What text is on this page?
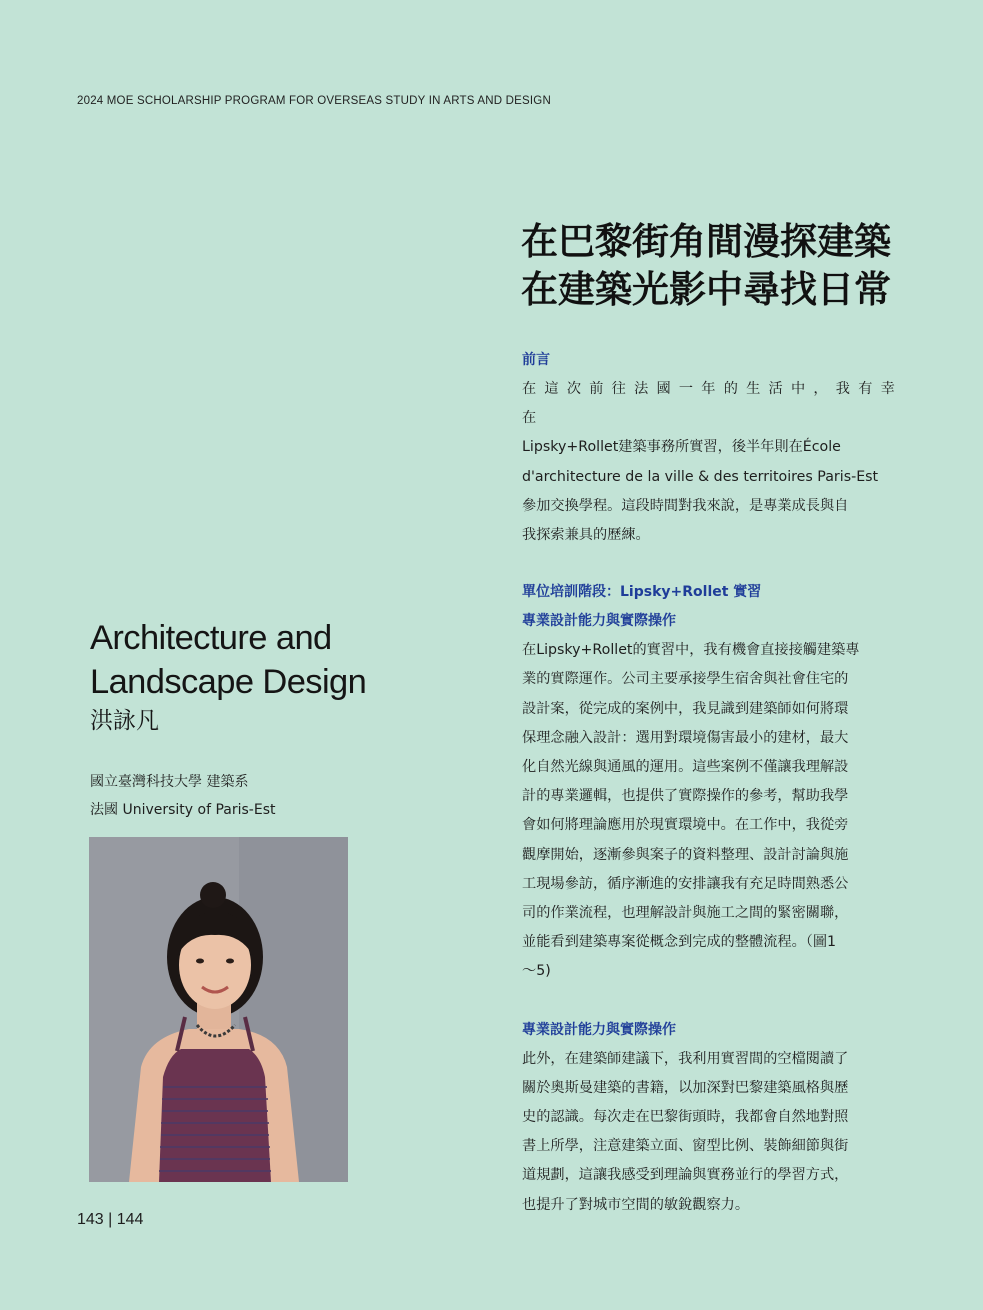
2024 MOE SCHOLARSHIP PROGRAM FOR OVERSEAS STUDY IN ARTS AND DESIGN
在巴黎街角間漫探建築
在建築光影中尋找日常
前言
在這次前往法國一年的生活中，我有幸在
Lipsky+Rollet建築事務所實習，後半年則在École
d'architecture de la ville & des territoires Paris-Est
參加交換學程。這段時間對我來說，是專業成長與自
我探索兼具的歷練。
單位培訓階段：Lipsky+Rollet 實習
專業設計能力與實際操作
在Lipsky+Rollet的實習中，我有機會直接接觸建築專
業的實際運作。公司主要承接學生宿舍與社會住宅的
設計案，從完成的案例中，我見識到建築師如何將環
保理念融入設計：選用對環境傷害最小的建材，最大
化自然光線與通風的運用。這些案例不僅讓我理解設
計的專業邏輯，也提供了實際操作的參考，幫助我學
會如何將理論應用於現實環境中。在工作中，我從旁
觀摩開始，逐漸參與案子的資料整理、設計討論與施
工現場參訪，循序漸進的安排讓我有充足時間熟悉公
司的作業流程，也理解設計與施工之間的緊密關聯，
並能看到建築專案從概念到完成的整體流程。（圖1
～5)
專業設計能力與實際操作
此外，在建築師建議下，我利用實習間的空檔閱讀了
關於奧斯曼建築的書籍，以加深對巴黎建築風格與歷
史的認識。每次走在巴黎街頭時，我都會自然地對照
書上所學，注意建築立面、窗型比例、裝飾細節與街
道規劃，這讓我感受到理論與實務並行的學習方式，
也提升了對城市空間的敏銳觀察力。
Architecture and
Landscape Design
洪詠凡
國立臺灣科技大學 建築系
法國 University of Paris-Est
143 | 144
